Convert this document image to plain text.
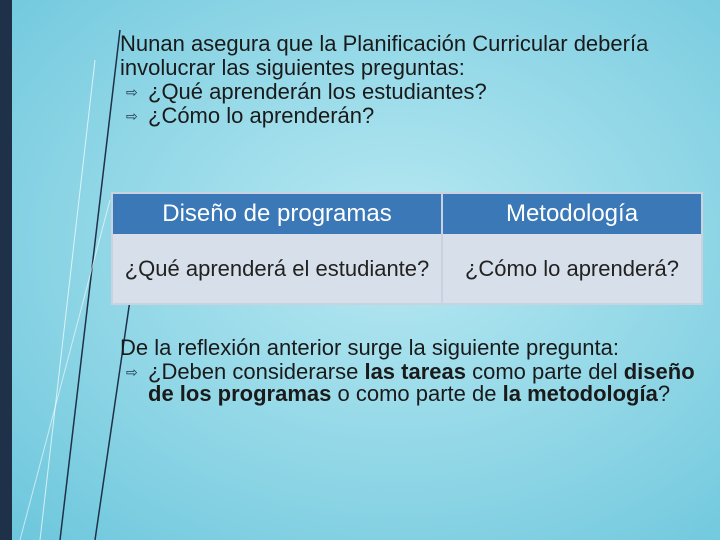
Nunan asegura que la Planificación Curricular debería involucrar las siguientes preguntas:
⇨ ¿Qué aprenderán los estudiantes?
⇨ ¿Cómo lo aprenderán?
Diseño de programas	Metodología
¿Qué aprenderá el estudiante?	¿Cómo lo aprenderá?
De la reflexión anterior surge la siguiente pregunta:
⇨ ¿Deben considerarse las tareas como parte del diseño de los programas o como parte de la metodología?
